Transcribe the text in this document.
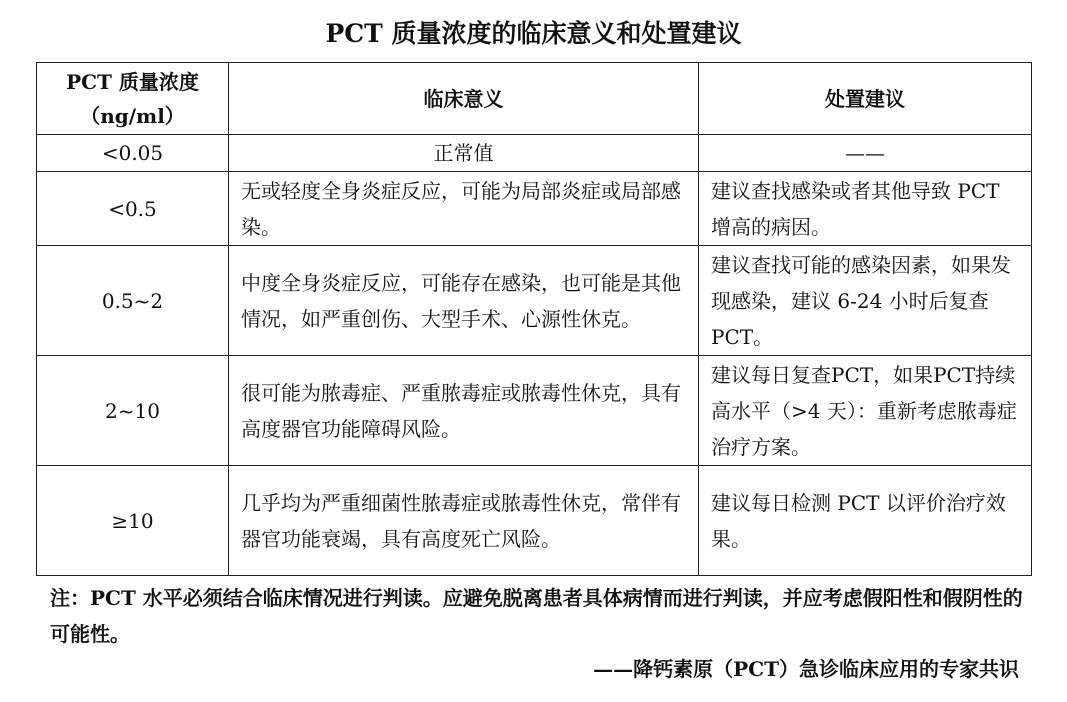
PCT 质量浓度的临床意义和处置建议
PCT 质量浓度
（ng/ml）	临床意义	处置建议
<0.05	正常值	——
<0.5	无或轻度全身炎症反应，可能为局部炎症或局部感染。	建议查找感染或者其他导致 PCT 增高的病因。
0.5~2	中度全身炎症反应，可能存在感染，也可能是其他情况，如严重创伤、大型手术、心源性休克。	建议查找可能的感染因素，如果发现感染，建议 6-24 小时后复查 PCT。
2~10	很可能为脓毒症、严重脓毒症或脓毒性休克，具有高度器官功能障碍风险。	建议每日复查PCT，如果PCT持续高水平（>4 天）：重新考虑脓毒症治疗方案。
≥10	几乎均为严重细菌性脓毒症或脓毒性休克，常伴有器官功能衰竭，具有高度死亡风险。	建议每日检测 PCT 以评价治疗效果。
注：PCT 水平必须结合临床情况进行判读。应避免脱离患者具体病情而进行判读，并应考虑假阳性和假阴性的可能性。
——降钙素原（PCT）急诊临床应用的专家共识
